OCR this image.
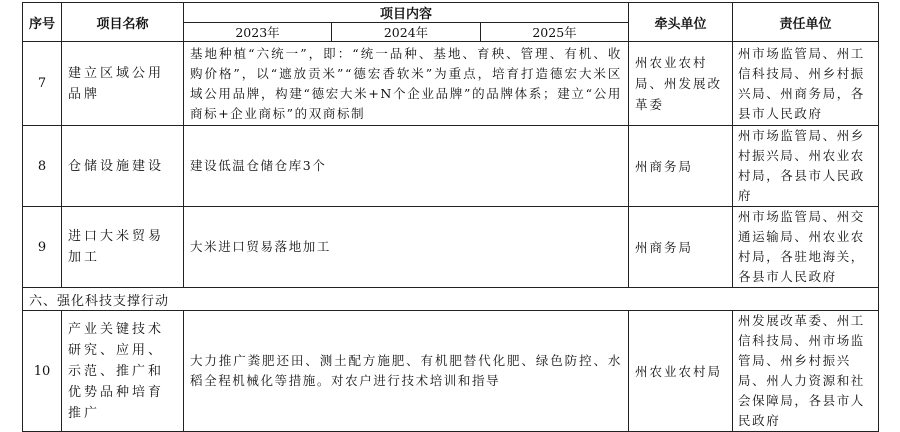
序号	项目名称	项目内容			牵头单位	责任单位
		2023年	2024年	2025年		
7	建立区域公用品牌	基地种植“六统一”，即：“统一品种、基地、育秧、管理、有机、收购价格”，以“遮放贡米”“德宏香软米”为重点，培育打造德宏大米区域公用品牌，构建“德宏大米+N个企业品牌”的品牌体系；建立“公用商标+企业商标”的双商标制			州农业农村局、州发展改革委	州市场监管局、州工信科技局、州乡村振兴局、州商务局，各县市人民政府
8	仓储设施建设	建设低温仓储仓库3个			州商务局	州市场监管局、州乡村振兴局、州农业农村局，各县市人民政府
9	进口大米贸易加工	大米进口贸易落地加工			州商务局	州市场监管局、州交通运输局、州农业农村局，各驻地海关，各县市人民政府
六、强化科技支撑行动						
10	产业关键技术研究、应用、示范、推广和优势品种培育推广	大力推广粪肥还田、测土配方施肥、有机肥替代化肥、绿色防控、水稻全程机械化等措施。对农户进行技术培训和指导			州农业农村局	州发展改革委、州工信科技局、州市场监管局、州乡村振兴局、州人力资源和社会保障局，各县市人民政府
